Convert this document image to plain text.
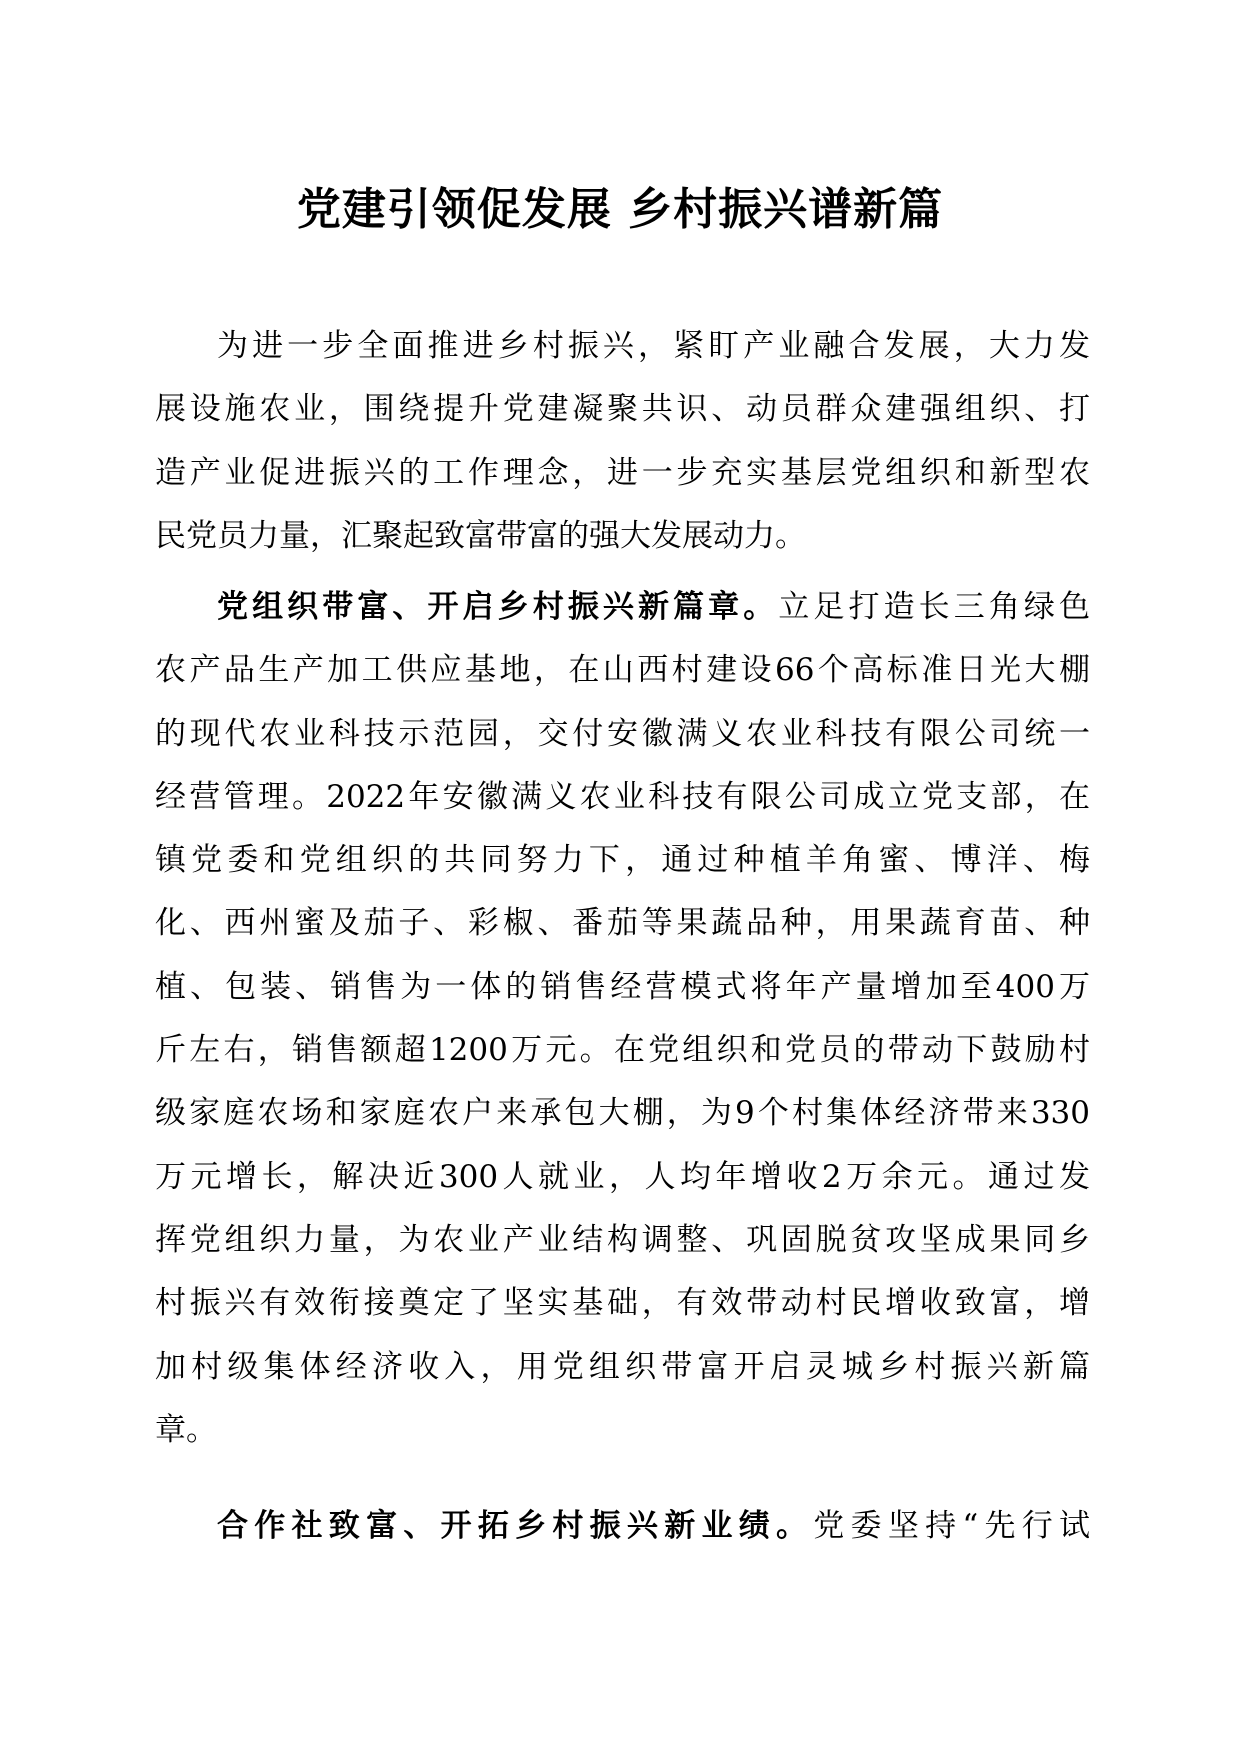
党建引领促发展 乡村振兴谱新篇
为进一步全面推进乡村振兴，紧盯产业融合发展，大力发
展设施农业，围绕提升党建凝聚共识、动员群众建强组织、打
造产业促进振兴的工作理念，进一步充实基层党组织和新型农
民党员力量，汇聚起致富带富的强大发展动力。
党组织带富、开启乡村振兴新篇章。立足打造长三角绿色
农产品生产加工供应基地，在山西村建设66个高标准日光大棚
的现代农业科技示范园，交付安徽满义农业科技有限公司统一
经营管理。2022年安徽满义农业科技有限公司成立党支部，在
镇党委和党组织的共同努力下，通过种植羊角蜜、博洋、梅
化、西州蜜及茄子、彩椒、番茄等果蔬品种，用果蔬育苗、种
植、包装、销售为一体的销售经营模式将年产量增加至400万
斤左右，销售额超1200万元。在党组织和党员的带动下鼓励村
级家庭农场和家庭农户来承包大棚，为9个村集体经济带来330
万元增长，解决近300人就业，人均年增收2万余元。通过发
挥党组织力量，为农业产业结构调整、巩固脱贫攻坚成果同乡
村振兴有效衔接奠定了坚实基础，有效带动村民增收致富，增
加村级集体经济收入，用党组织带富开启灵城乡村振兴新篇
章。
合作社致富、开拓乡村振兴新业绩。党委坚持“先行试
